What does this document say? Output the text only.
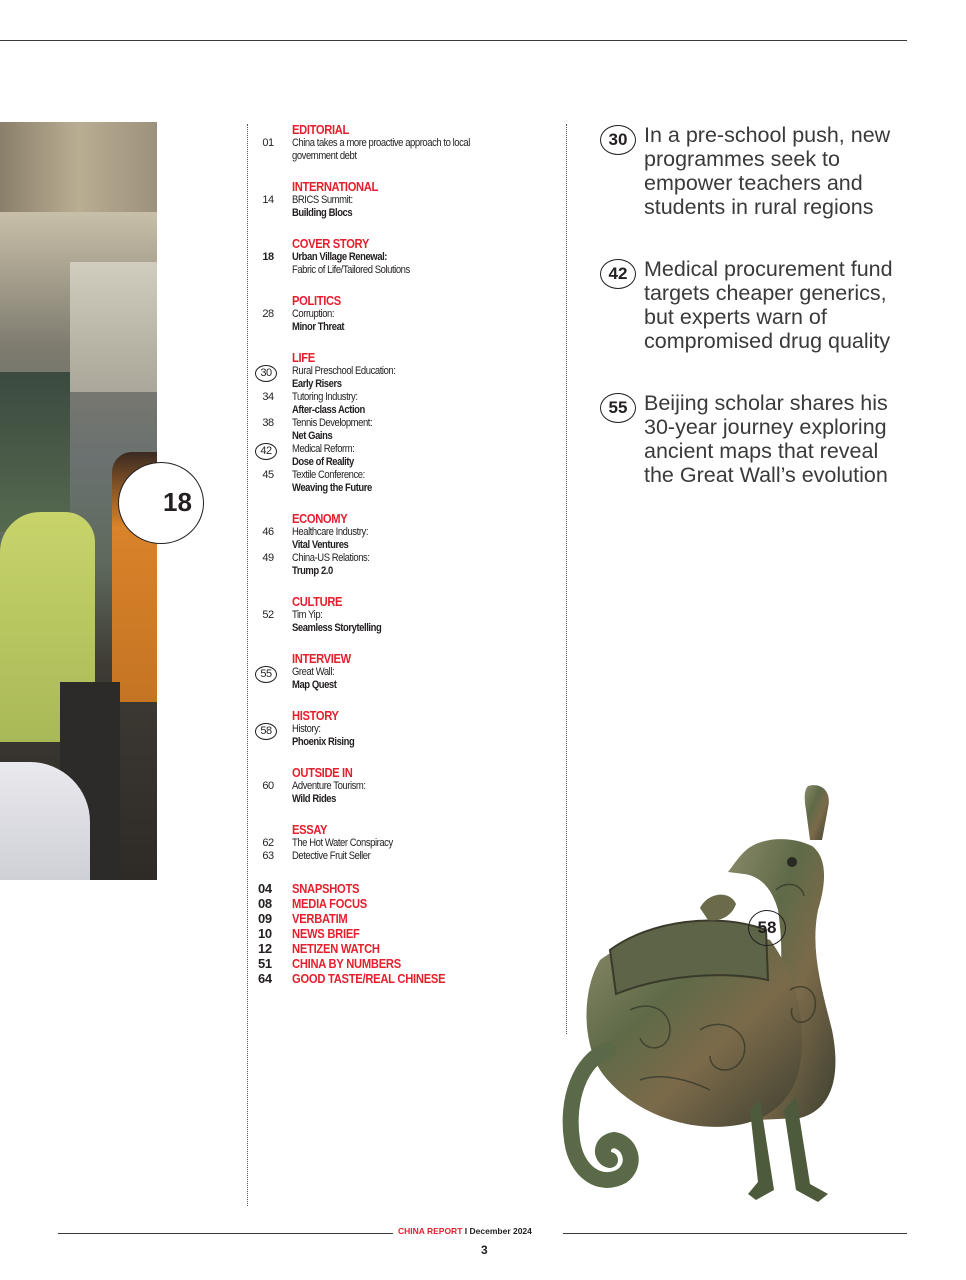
18
EDITORIAL
01	China takes a more proactive approach to local government debt
INTERNATIONAL
14	BRICS Summit:
Building Blocs
COVER STORY
18	Urban Village Renewal:
Fabric of Life/Tailored Solutions
POLITICS
28	Corruption:
Minor Threat
LIFE
30	Rural Preschool Education:
Early Risers
34	Tutoring Industry:
After-class Action
38	Tennis Development:
Net Gains
42	Medical Reform:
Dose of Reality
45	Textile Conference:
Weaving the Future
ECONOMY
46	Healthcare Industry:
Vital Ventures
49	China-US Relations:
Trump 2.0
CULTURE
52	Tim Yip:
Seamless Storytelling
INTERVIEW
55	Great Wall:
Map Quest
HISTORY
58	History:
Phoenix Rising
OUTSIDE IN
60	Adventure Tourism:
Wild Rides
ESSAY
62	The Hot Water Conspiracy
63	Detective Fruit Seller
04	SNAPSHOTS
08	MEDIA FOCUS
09	VERBATIM
10	NEWS BRIEF
12	NETIZEN WATCH
51	CHINA BY NUMBERS
64	GOOD TASTE/REAL CHINESE
30 In a pre-school push, new programmes seek to empower teachers and students in rural regions
42 Medical procurement fund targets cheaper generics, but experts warn of compromised drug quality
55 Beijing scholar shares his 30-year journey exploring ancient maps that reveal the Great Wall’s evolution
58
CHINA REPORT I December 2024
3
